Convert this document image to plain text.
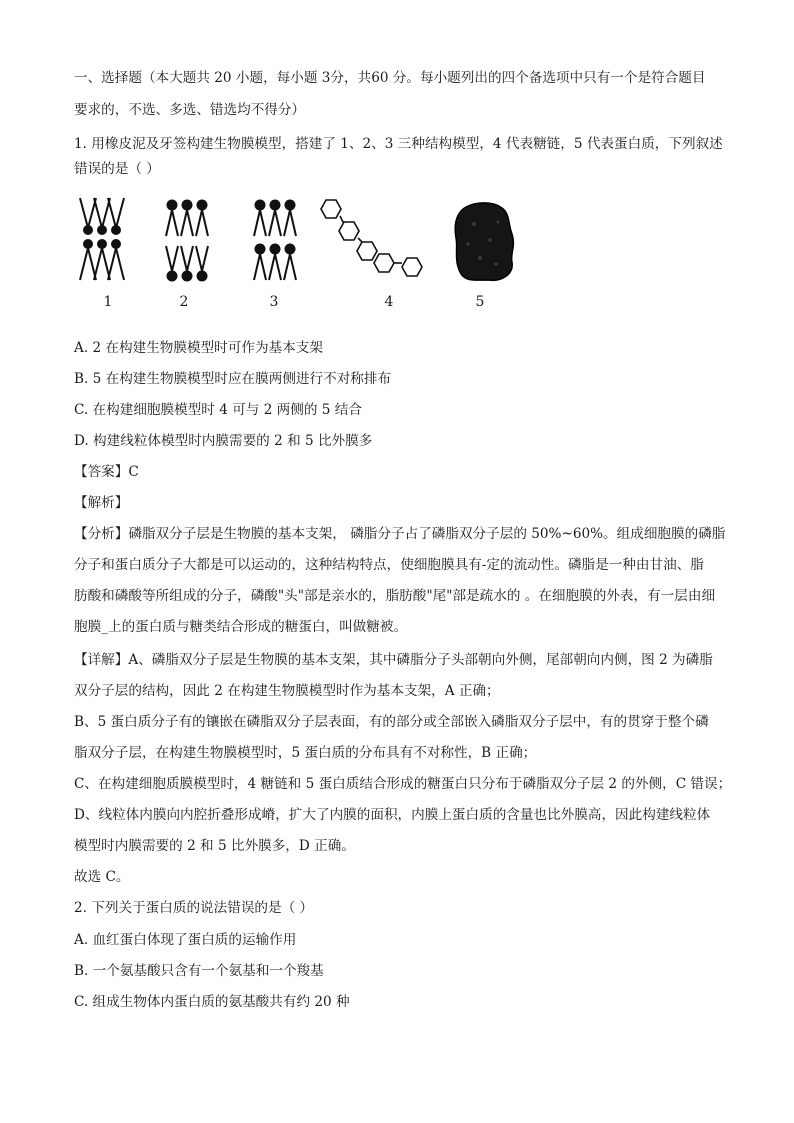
一、选择题（本大题共 20 小题，每小题 3分，共60 分。每小题列出的四个备选项中只有一个是符合题目
要求的，不选、多选、错选均不得分）
1. 用橡皮泥及牙签构建生物膜模型，搭建了 1、2、3 三种结构模型，4 代表糖链，5 代表蛋白质，下列叙述
错误的是（ ）
1	2	3	4	5
A. 2 在构建生物膜模型时可作为基本支架
B. 5 在构建生物膜模型时应在膜两侧进行不对称排布
C. 在构建细胞膜模型时 4 可与 2 两侧的 5 结合
D. 构建线粒体模型时内膜需要的 2 和 5 比外膜多
【答案】C
【解析】
【分析】磷脂双分子层是生物膜的基本支架， 磷脂分子占了磷脂双分子层的 50%~60%。组成细胞膜的磷脂
分子和蛋白质分子大都是可以运动的，这种结构特点，使细胞膜具有-定的流动性。磷脂是一种由甘油、脂
肪酸和磷酸等所组成的分子，磷酸"头"部是亲水的，脂肪酸"尾"部是疏水的 。在细胞膜的外表，有一层由细
胞膜_上的蛋白质与糖类结合形成的糖蛋白，叫做糖被。
【详解】A、磷脂双分子层是生物膜的基本支架，其中磷脂分子头部朝向外侧，尾部朝向内侧，图 2 为磷脂
双分子层的结构，因此 2 在构建生物膜模型时作为基本支架，A 正确；
B、5 蛋白质分子有的镶嵌在磷脂双分子层表面，有的部分或全部嵌入磷脂双分子层中，有的贯穿于整个磷
脂双分子层，在构建生物膜模型时，5 蛋白质的分布具有不对称性，B 正确；
C、在构建细胞质膜模型时，4 糖链和 5 蛋白质结合形成的糖蛋白只分布于磷脂双分子层 2 的外侧，C 错误；
D、线粒体内膜向内腔折叠形成嵴，扩大了内膜的面积，内膜上蛋白质的含量也比外膜高，因此构建线粒体
模型时内膜需要的 2 和 5 比外膜多，D 正确。
故选 C。
2. 下列关于蛋白质的说法错误的是（ ）
A. 血红蛋白体现了蛋白质的运输作用
B. 一个氨基酸只含有一个氨基和一个羧基
C. 组成生物体内蛋白质的氨基酸共有约 20 种
